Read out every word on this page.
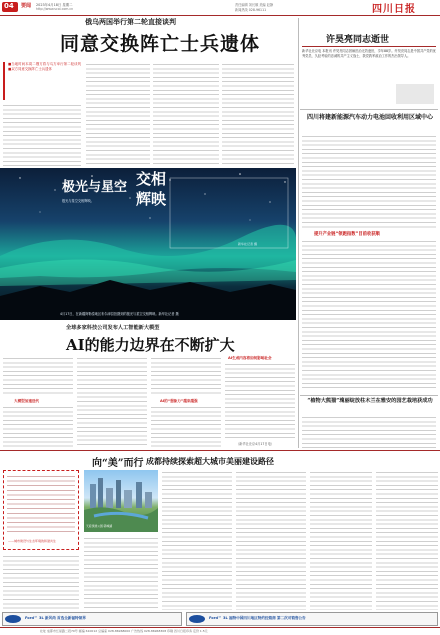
04 要闻 2023年4月18日 星期二
http://www.scol.com.cn
责任编辑 刘长顺 美编 赵静
新闻热线 028-96111	四川日报
俄乌两国举行第二轮直接谈判
同意交换阵亡士兵遗体
■当地时间本周二俄方将与乌方举行第二轮谈判 ■双方同意交换阵亡士兵遗体
许昊亮同志逝世
新华社北京电 本报讯 许昊亮同志因病医治无效逝世，享年88岁。许昊亮同志是中国共产党的优秀党员，久经考验的忠诚的共产主义战士，我党我军政治工作的杰出领导人。
四川将建新能源汽车动力电池回收利用区域中心
提升产业链“领跑指数”目前收获顺
“植物大熊猫”瑰丽绽放柱木兰在雅安的园艺栽培获成功
极光与星空 交相
辉映
极光与星空交相辉映。
新华社记者 摄
4月17日，在新疆阿勒泰地区布尔津县拍摄到的极光与星空交相辉映。新华社记者 摄
全球多家科技公司发布人工智能新大模型
AI的能力边界在不断扩大
大模型加速迭代	AI的“想象力”越来越强
AI生成内容将如何影响社会
（新华社北京4月17日电）
向“美”而行 成都持续探索超大城市美丽建设路径
——城市建设与生态环境的和谐共生
天府绿道公园·锦城湖
Ford™ 3L 新风尚 首选全新福特领界	Ford™ 3L 福特中国四川地区特约经销商 第二次对销售公告
社址 成都市红星路二段70号 邮编 610012 总编室 028-86968000 广告热线 028-86968308 印刷 四川日报印务 定价 1.5元
